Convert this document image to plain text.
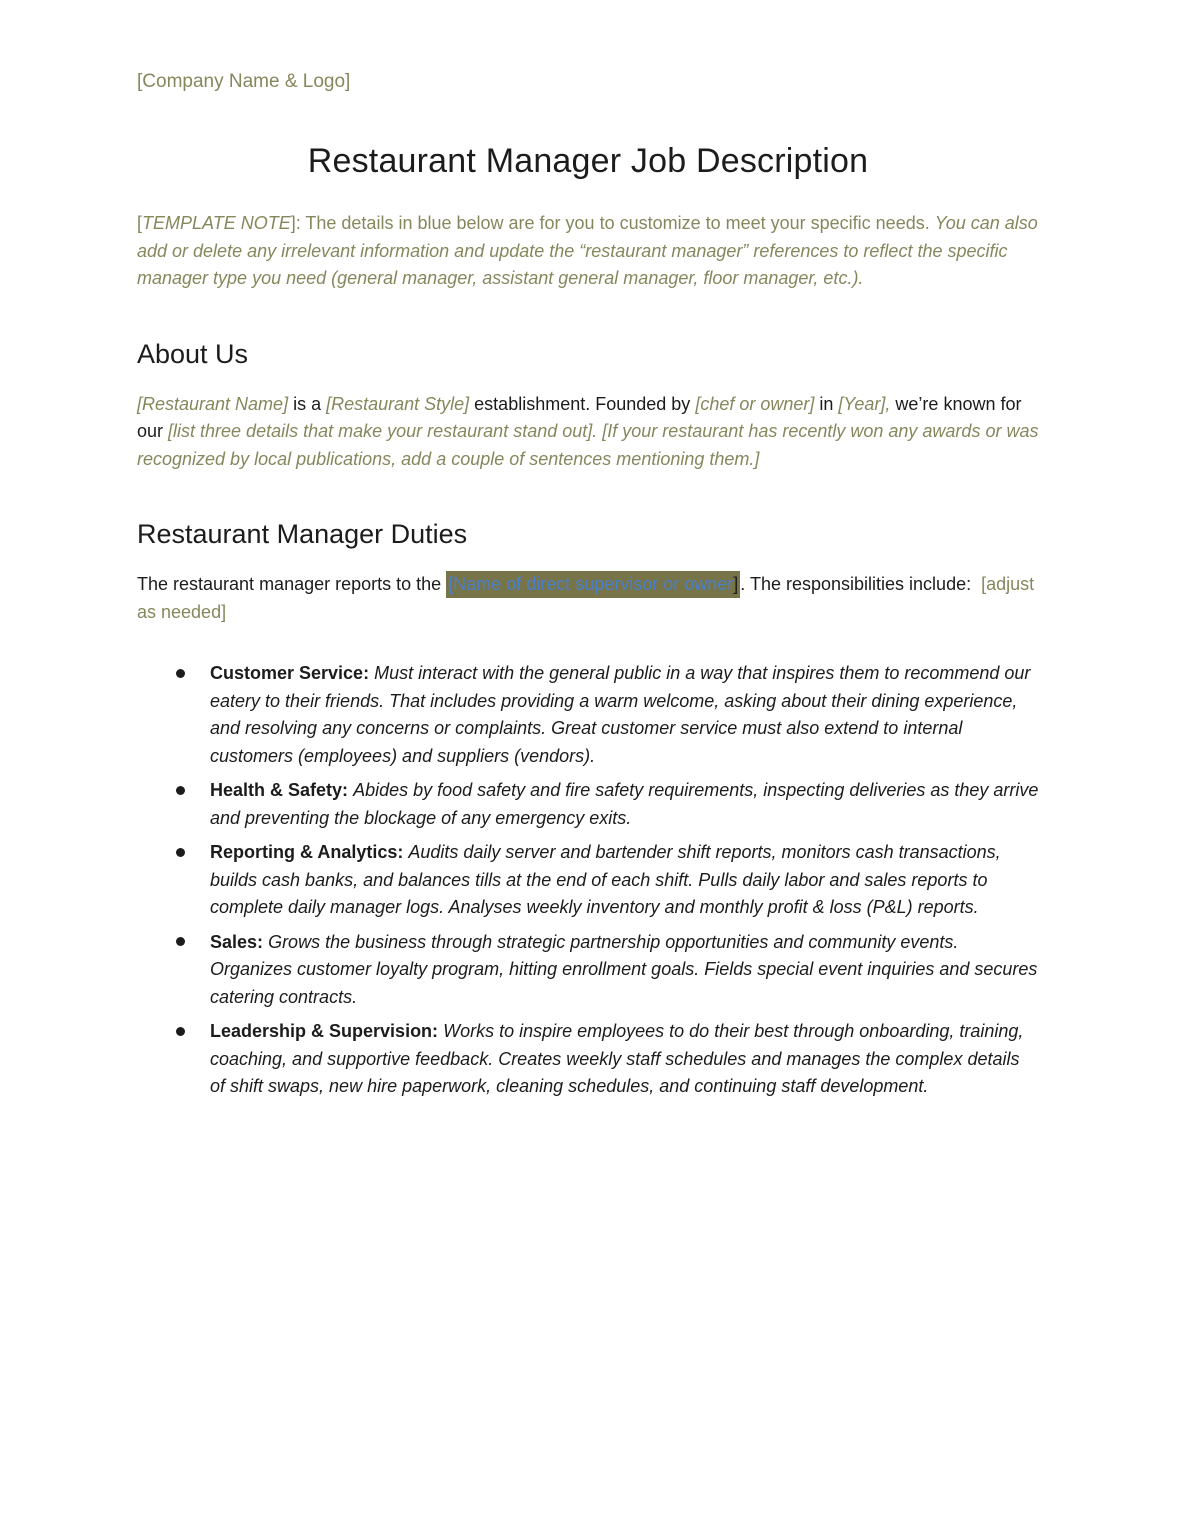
[Company Name & Logo]
Restaurant Manager Job Description

[TEMPLATE NOTE]: The details in blue below are for you to customize to meet your specific needs. You can also add or delete any irrelevant information and update the “restaurant manager” references to reflect the specific manager type you need (general manager, assistant general manager, floor manager, etc.).

About Us

[Restaurant Name] is a [Restaurant Style] establishment. Founded by [chef or owner] in [Year], we’re known for our [list three details that make your restaurant stand out]. [If your restaurant has recently won any awards or was recognized by local publications, add a couple of sentences mentioning them.]

Restaurant Manager Duties

The restaurant manager reports to the [Name of direct supervisor or owner] . The responsibilities include:  [adjust as needed]

Customer Service: Must interact with the general public in a way that inspires them to recommend our eatery to their friends. That includes providing a warm welcome, asking about their dining experience, and resolving any concerns or complaints. Great customer service must also extend to internal customers (employees) and suppliers (vendors).
Health & Safety: Abides by food safety and fire safety requirements, inspecting deliveries as they arrive and preventing the blockage of any emergency exits.
Reporting & Analytics: Audits daily server and bartender shift reports, monitors cash transactions, builds cash banks, and balances tills at the end of each shift. Pulls daily labor and sales reports to complete daily manager logs. Analyses weekly inventory and monthly profit & loss (P&L) reports.
Sales: Grows the business through strategic partnership opportunities and community events. Organizes customer loyalty program, hitting enrollment goals. Fields special event inquiries and secures catering contracts.
Leadership & Supervision: Works to inspire employees to do their best through onboarding, training, coaching, and supportive feedback. Creates weekly staff schedules and manages the complex details of shift swaps, new hire paperwork, cleaning schedules, and continuing staff development.
